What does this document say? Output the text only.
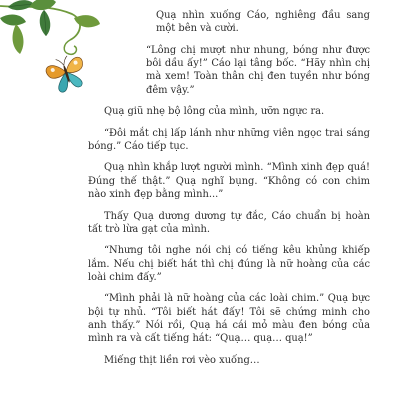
Quạ nhìn xuống Cáo, nghiêng đầu sang một bên và cười.

“Lông chị mượt như nhung, bóng như được bôi dầu ấy!” Cáo lại tâng bốc. “Hãy nhìn chị mà xem! Toàn thân chị đen tuyền như bóng đêm vậy.”

Quạ giũ nhẹ bộ lông của mình, ưỡn ngực ra.

“Đôi mắt chị lấp lánh như những viên ngọc trai sáng bóng.” Cáo tiếp tục.

Quạ nhìn khắp lượt người mình. “Mình xinh đẹp quá! Đúng thế thật.” Quạ nghĩ bụng. “Không có con chim nào xinh đẹp bằng mình...”

Thấy Quạ dương dương tự đắc, Cáo chuẩn bị hoàn tất trò lừa gạt của mình.

“Nhưng tôi nghe nói chị có tiếng kêu khủng khiếp lắm. Nếu chị biết hát thì chị đúng là nữ hoàng của các loài chim đấy.”

“Mình phải là nữ hoàng của các loài chim.” Quạ bực bội tự nhủ. “Tôi biết hát đấy! Tôi sẽ chứng minh cho anh thấy.” Nói rồi, Quạ há cái mỏ màu đen bóng của mình ra và cất tiếng hát: “Quạ… quạ… quạ!”

Miếng thịt liền rơi vèo xuống…
